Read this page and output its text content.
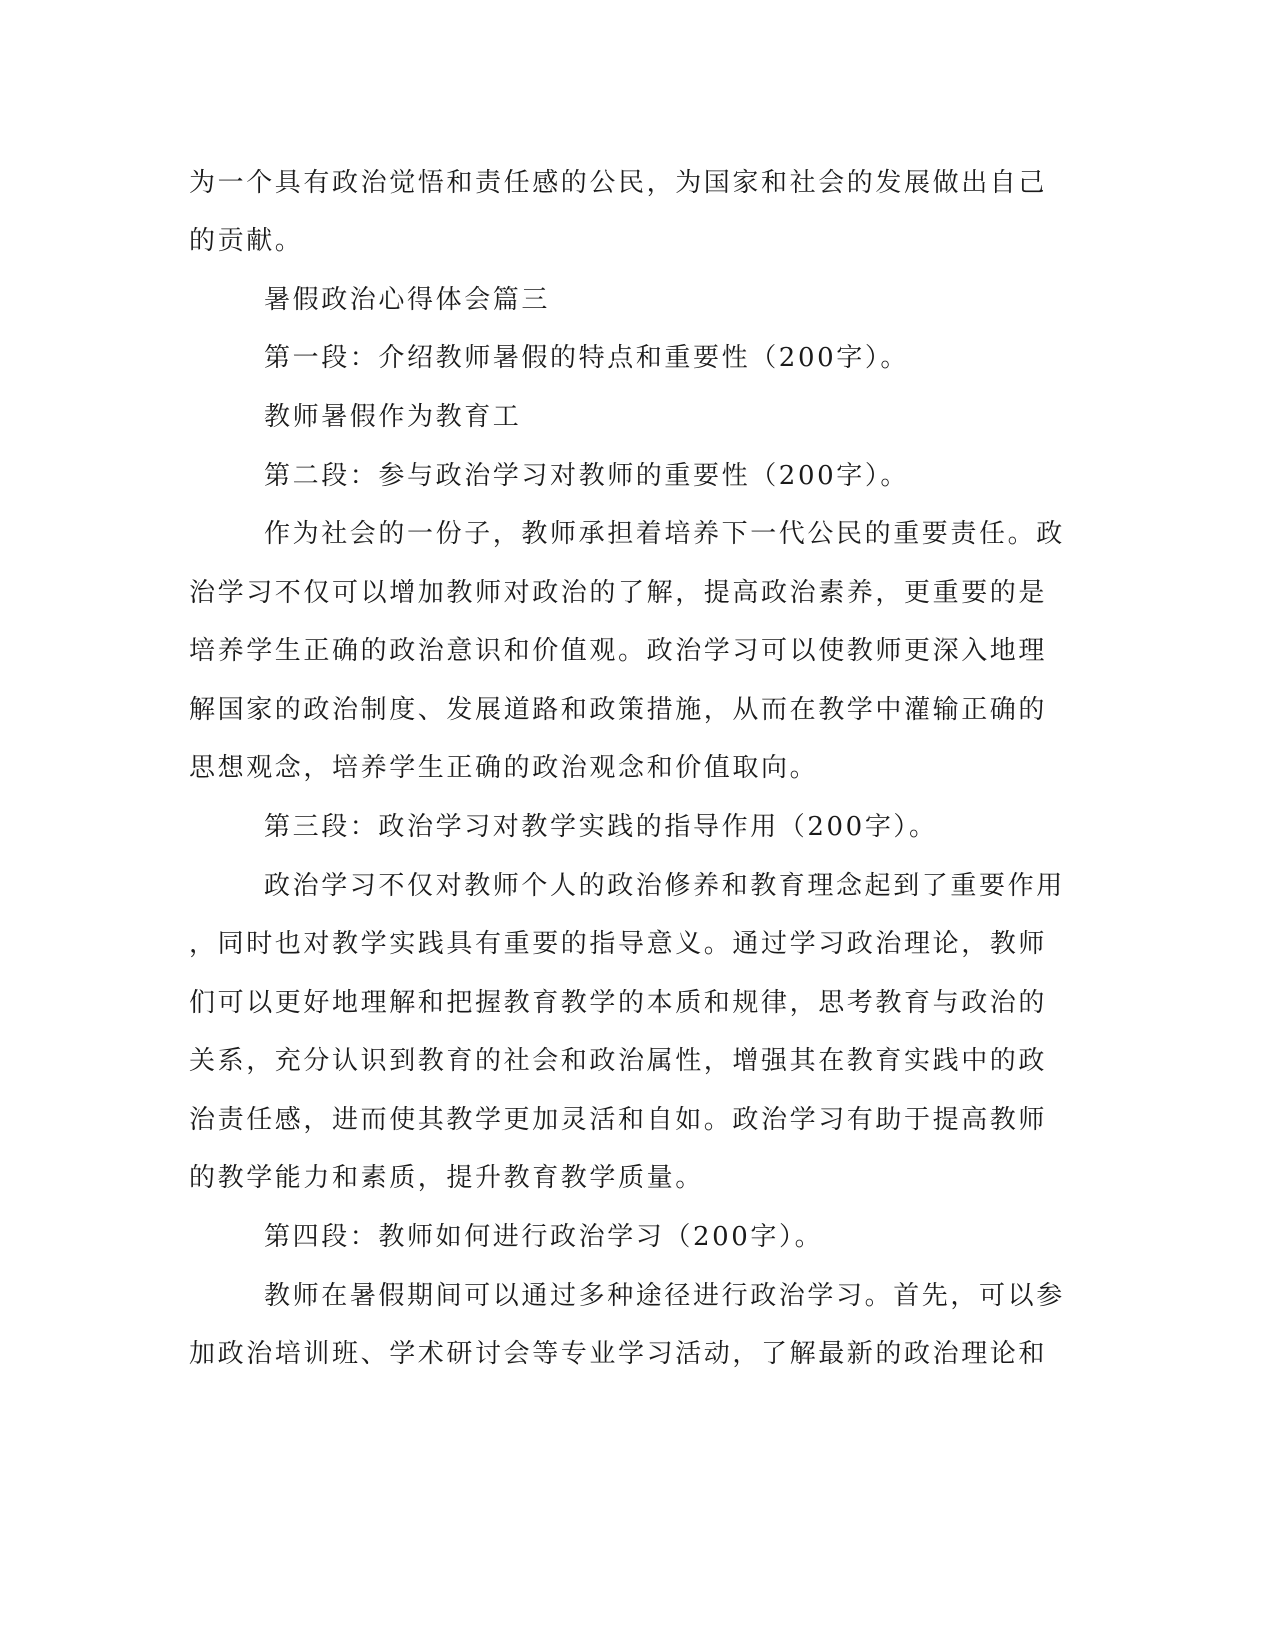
为一个具有政治觉悟和责任感的公民，为国家和社会的发展做出自己
的贡献。
暑假政治心得体会篇三
第一段：介绍教师暑假的特点和重要性（200字）。
教师暑假作为教育工
第二段：参与政治学习对教师的重要性（200字）。
作为社会的一份子，教师承担着培养下一代公民的重要责任。政
治学习不仅可以增加教师对政治的了解，提高政治素养，更重要的是
培养学生正确的政治意识和价值观。政治学习可以使教师更深入地理
解国家的政治制度、发展道路和政策措施，从而在教学中灌输正确的
思想观念，培养学生正确的政治观念和价值取向。
第三段：政治学习对教学实践的指导作用（200字）。
政治学习不仅对教师个人的政治修养和教育理念起到了重要作用
，同时也对教学实践具有重要的指导意义。通过学习政治理论，教师
们可以更好地理解和把握教育教学的本质和规律，思考教育与政治的
关系，充分认识到教育的社会和政治属性，增强其在教育实践中的政
治责任感，进而使其教学更加灵活和自如。政治学习有助于提高教师
的教学能力和素质，提升教育教学质量。
第四段：教师如何进行政治学习（200字）。
教师在暑假期间可以通过多种途径进行政治学习。首先，可以参
加政治培训班、学术研讨会等专业学习活动，了解最新的政治理论和
